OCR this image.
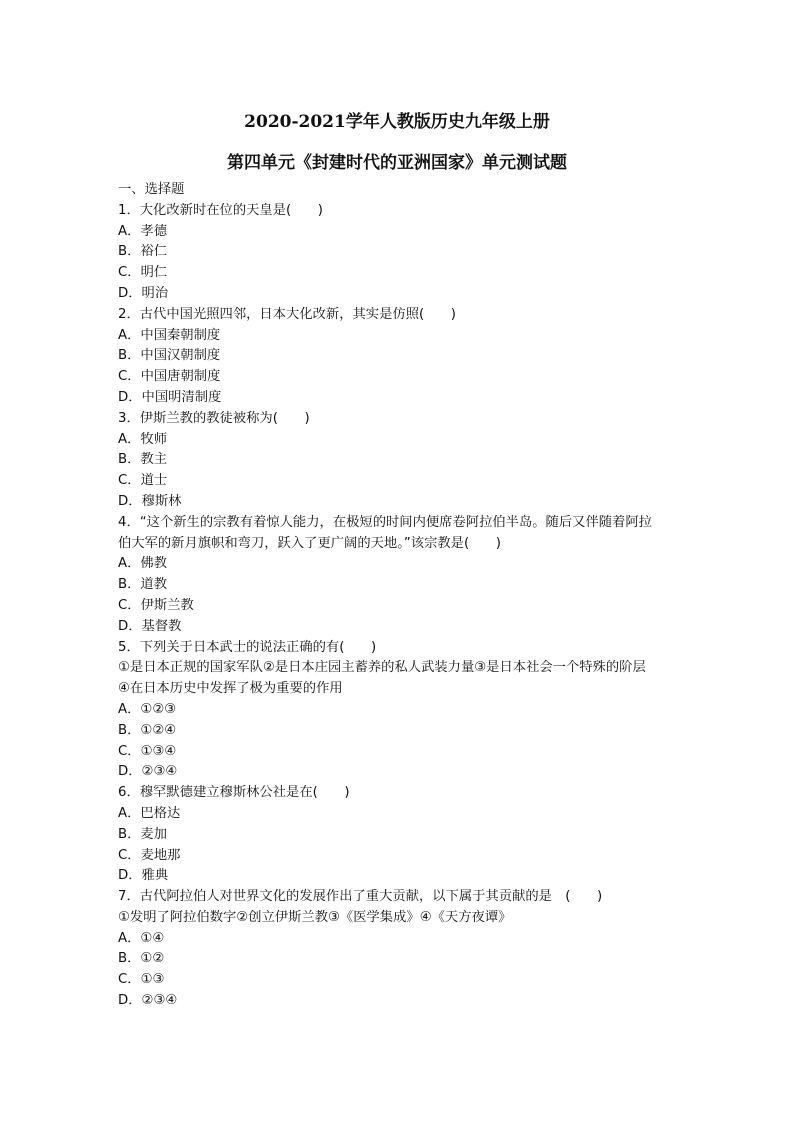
2020-2021学年人教版历史九年级上册
第四单元《封建时代的亚洲国家》单元测试题
一、选择题
1．大化改新时在位的天皇是(　　)
A．孝德
B．裕仁
C．明仁
D．明治
2．古代中国光照四邻，日本大化改新，其实是仿照(　　)
A．中国秦朝制度
B．中国汉朝制度
C．中国唐朝制度
D．中国明清制度
3．伊斯兰教的教徒被称为(　　)
A．牧师
B．教主
C．道士
D．穆斯林
4．“这个新生的宗教有着惊人能力，在极短的时间内便席卷阿拉伯半岛。随后又伴随着阿拉
伯大军的新月旗帜和弯刀，跃入了更广阔的天地。”该宗教是(　　)
A．佛教
B．道教
C．伊斯兰教
D．基督教
5．下列关于日本武士的说法正确的有(　　)
①是日本正规的国家军队②是日本庄园主蓄养的私人武装力量③是日本社会一个特殊的阶层
④在日本历史中发挥了极为重要的作用
A．①②③
B．①②④
C．①③④
D．②③④
6．穆罕默德建立穆斯林公社是在(　　)
A．巴格达
B．麦加
C．麦地那
D．雅典
7．古代阿拉伯人对世界文化的发展作出了重大贡献，以下属于其贡献的是　(　　)
①发明了阿拉伯数字②创立伊斯兰教③《医学集成》④《天方夜谭》
A．①④
B．①②
C．①③
D．②③④
